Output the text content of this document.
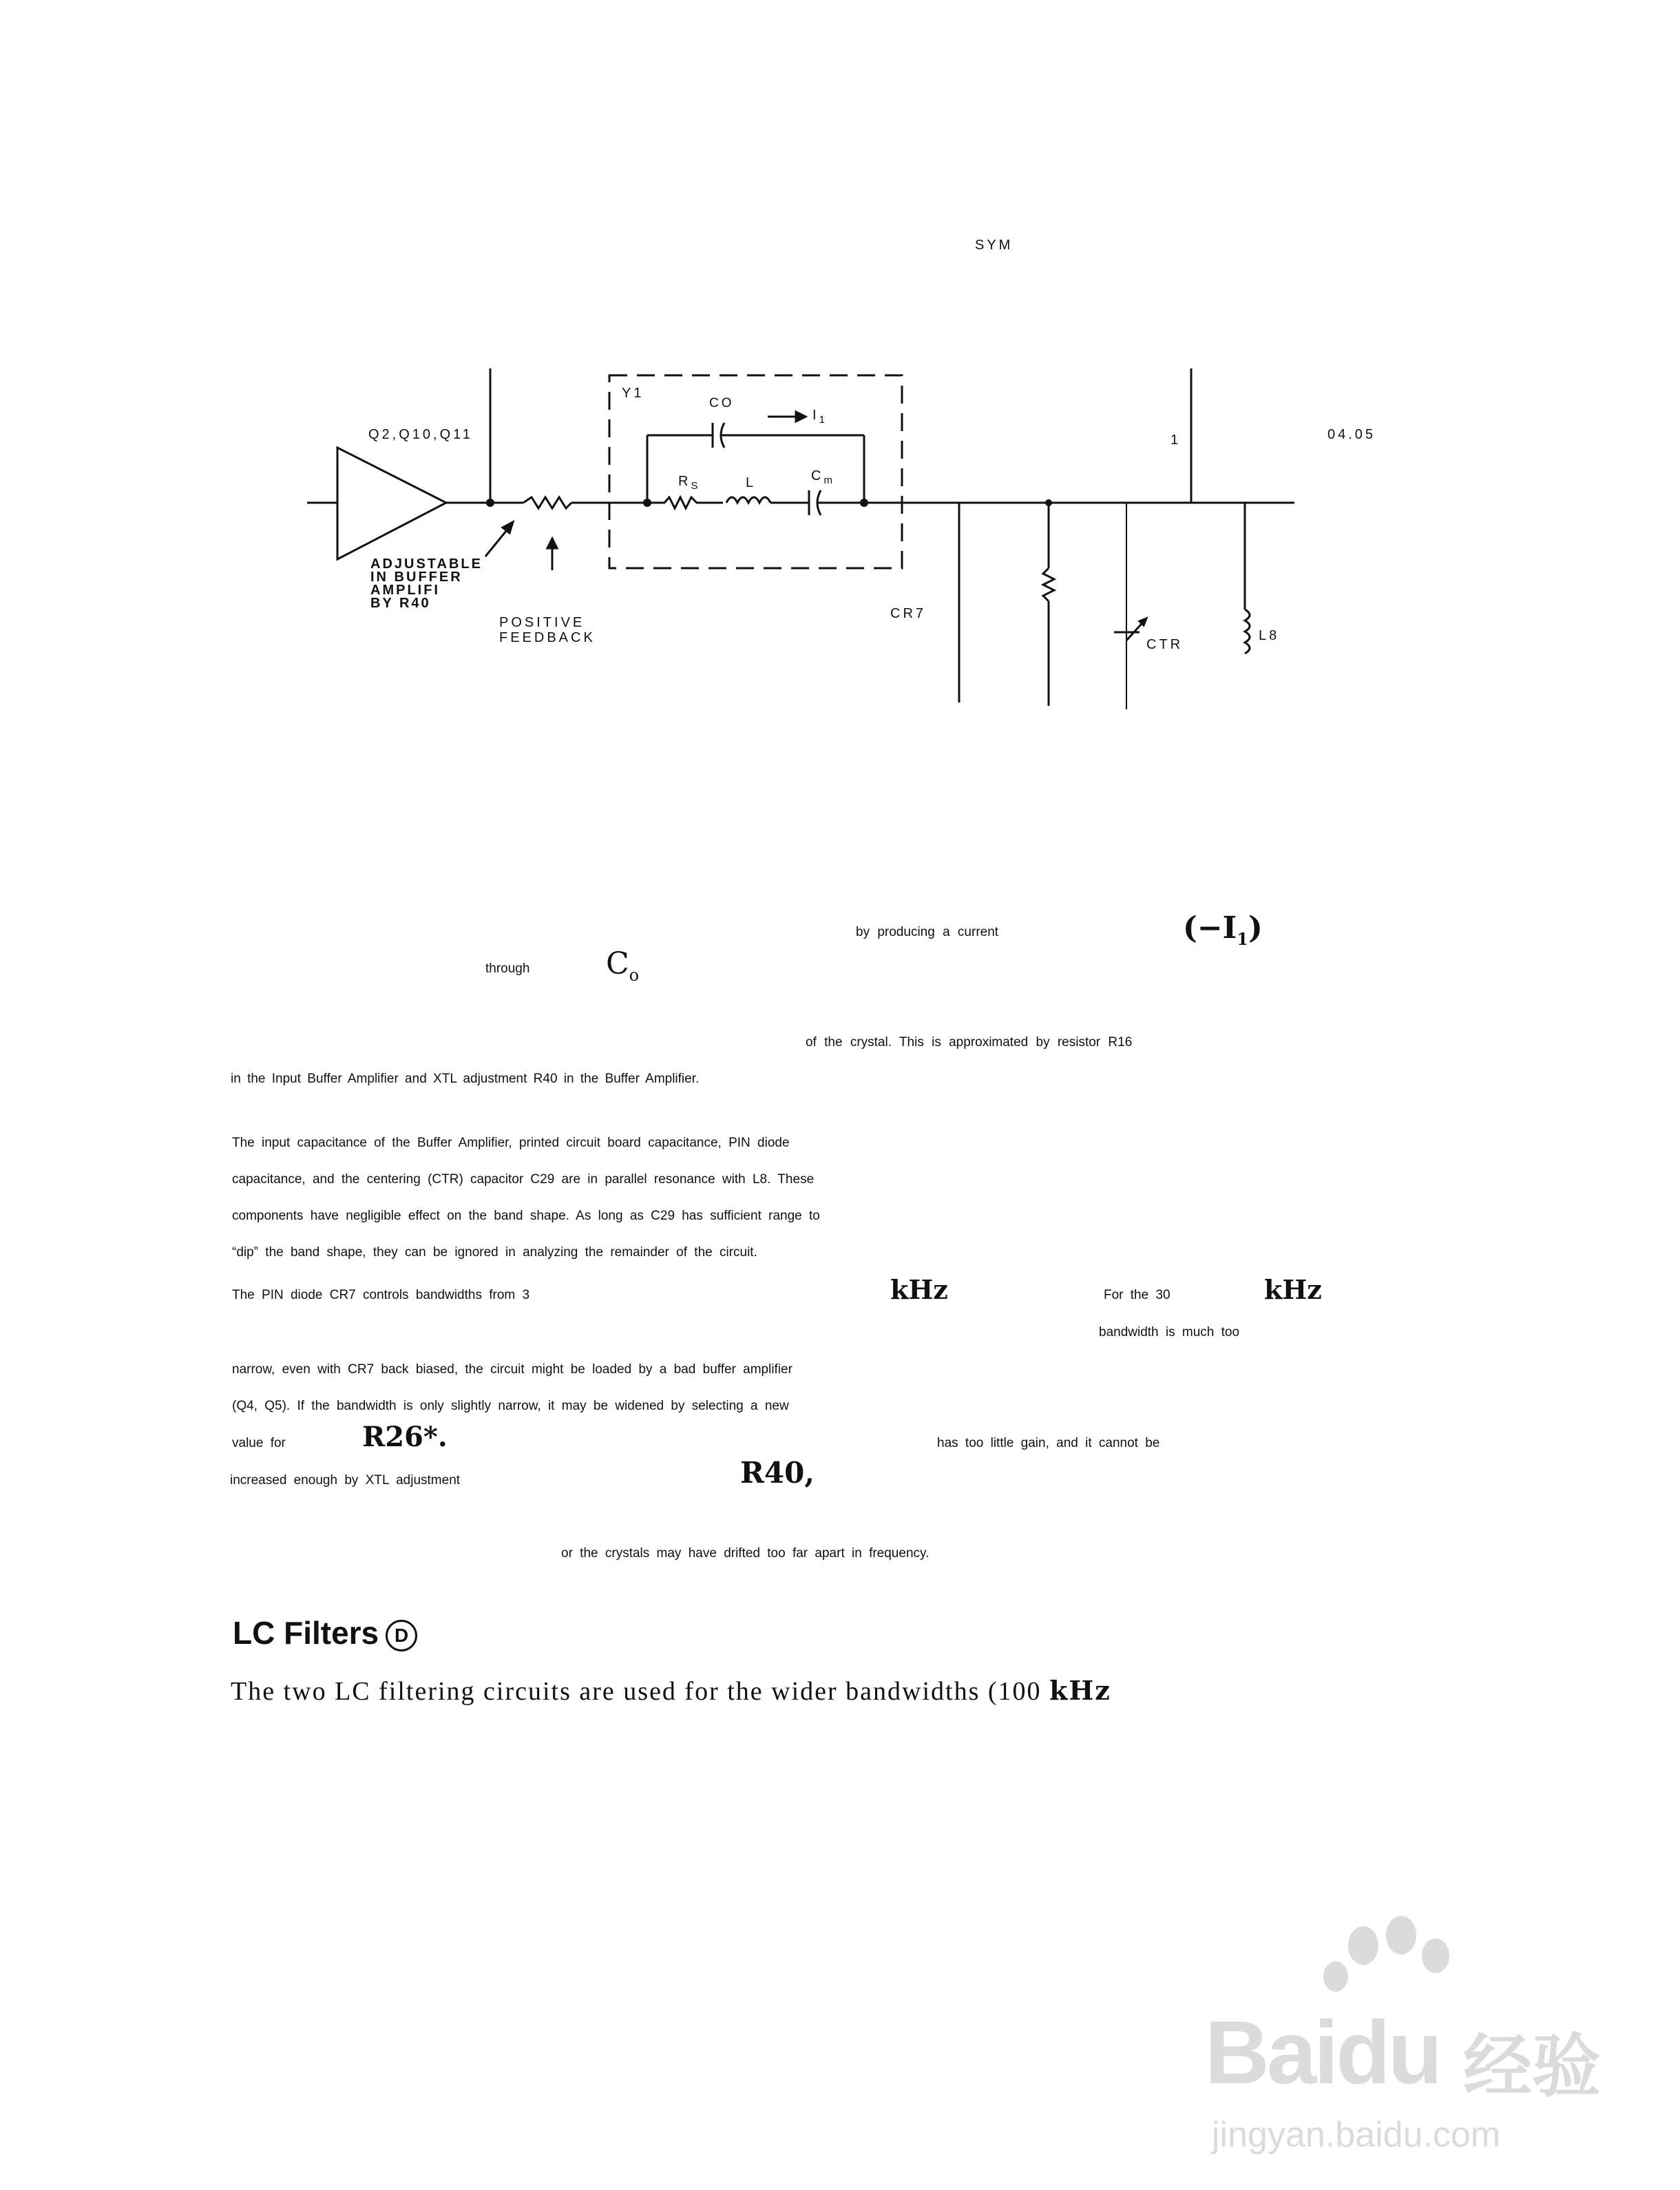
SYM
Q2,Q10,Q11
ADJUSTABLE
IN BUFFER
AMPLIFI
BY R40
POSITIVE
FEEDBACK
Y1
CO
$I_1$
$R_S$	L	$C_m$
CR7
CTR
L8
1	04.05
by producing a current	$(-I_1)$
through	$C_o$
of the crystal. This is approximated by resistor R16
in the Input Buffer Amplifier and XTL adjustment R40 in the Buffer Amplifier.
The input capacitance of the Buffer Amplifier, printed circuit board capacitance, PIN diode
capacitance, and the centering (CTR) capacitor C29 are in parallel resonance with L8. These
components have negligible effect on the band shape. As long as C29 has sufficient range to
“dip” the band shape, they can be ignored in analyzing the remainder of the circuit.
The PIN diode CR7 controls bandwidths from 3	kHz	For the 30	kHz
bandwidth is much too
narrow, even with CR7 back biased, the circuit might be loaded by a bad buffer amplifier
(Q4, Q5). If the bandwidth is only slightly narrow, it may be widened by selecting a new
value for	R26*.	has too little gain, and it cannot be
increased enough by XTL adjustment	R40,
or the crystals may have drifted too far apart in frequency.
LC Filters D
The two LC filtering circuits are used for the wider bandwidths (100 kHz
Baidu 经验
jingyan.baidu.com
